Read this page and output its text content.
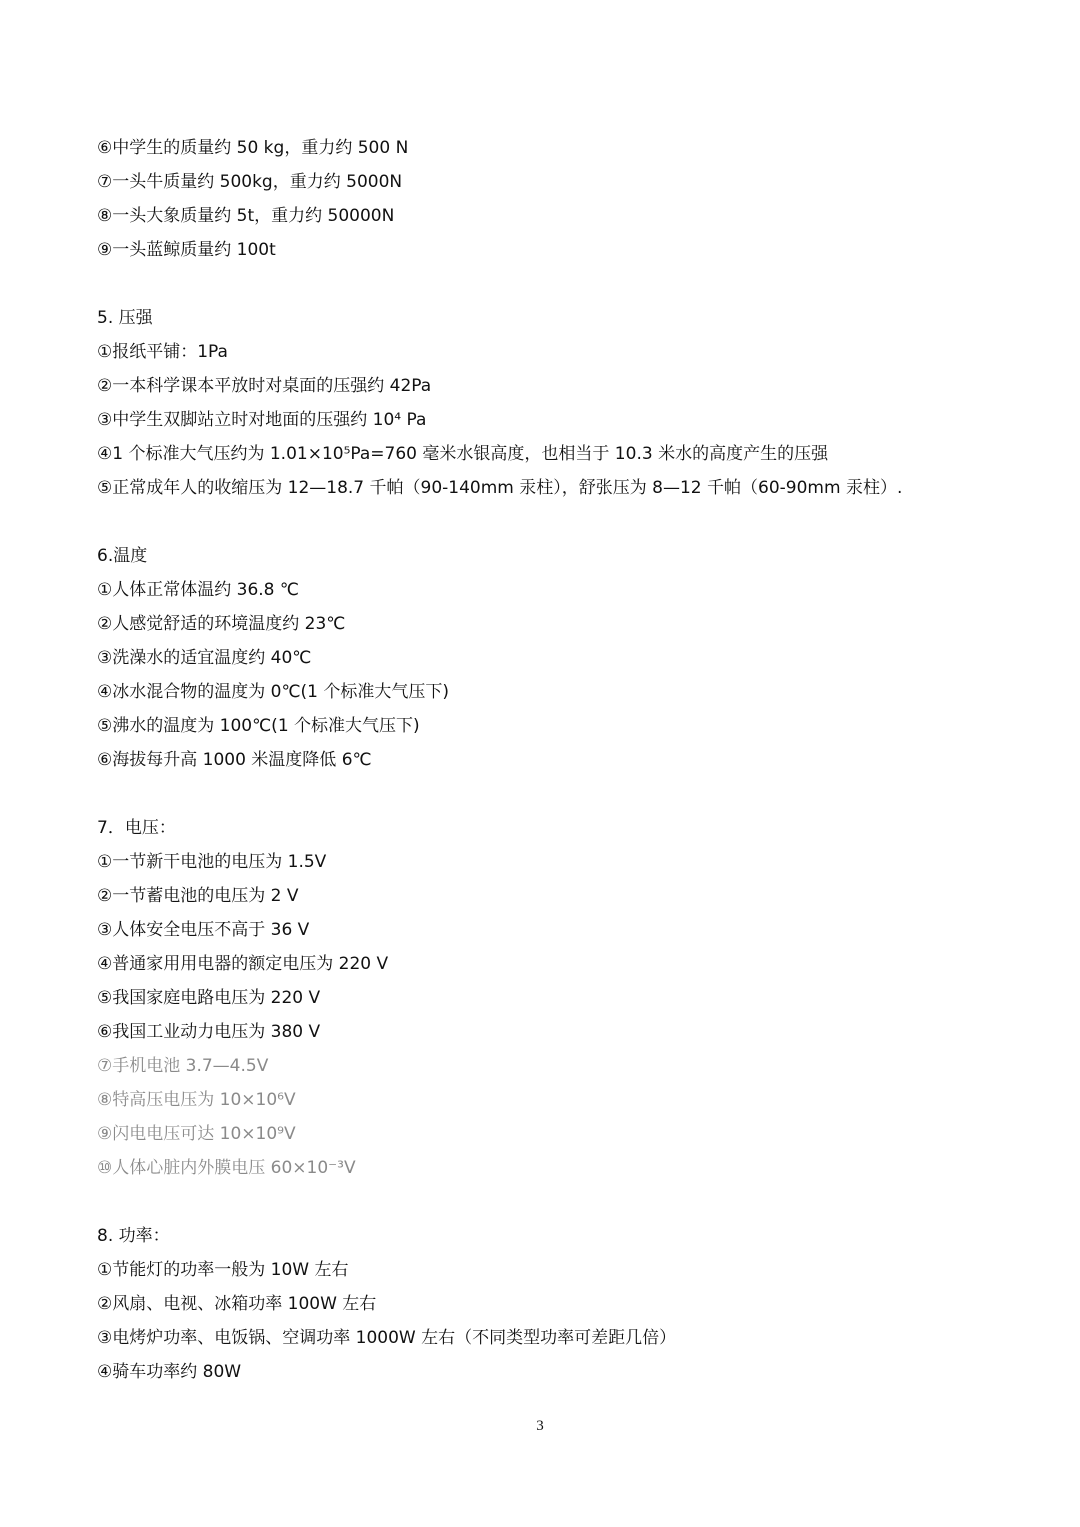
⑥中学生的质量约 50 kg，重力约 500 N
⑦一头牛质量约 500kg，重力约 5000N
⑧一头大象质量约 5t，重力约 50000N
⑨一头蓝鲸质量约 100t
5. 压强
①报纸平铺：1Pa
②一本科学课本平放时对桌面的压强约 42Pa
③中学生双脚站立时对地面的压强约 10⁴ Pa
④1 个标准大气压约为 1.01×10⁵Pa=760 毫米水银高度，也相当于 10.3 米水的高度产生的压强
⑤正常成年人的收缩压为 12—18.7 千帕（90-140mm 汞柱），舒张压为 8—12 千帕（60-90mm 汞柱）.
6.温度
①人体正常体温约 36.8 ℃
②人感觉舒适的环境温度约 23℃
③洗澡水的适宜温度约 40℃
④冰水混合物的温度为 0℃(1 个标准大气压下)
⑤沸水的温度为 100℃(1 个标准大气压下)
⑥海拔每升高 1000 米温度降低 6℃
7．电压：
①一节新干电池的电压为 1.5V
②一节蓄电池的电压为 2 V
③人体安全电压不高于 36 V
④普通家用用电器的额定电压为 220 V
⑤我国家庭电路电压为 220 V
⑥我国工业动力电压为 380 V
⑦手机电池 3.7—4.5V
⑧特高压电压为 10×10⁶V
⑨闪电电压可达 10×10⁹V
⑩人体心脏内外膜电压 60×10⁻³V
8. 功率：
①节能灯的功率一般为 10W 左右
②风扇、电视、冰箱功率 100W 左右
③电烤炉功率、电饭锅、空调功率 1000W 左右（不同类型功率可差距几倍）
④骑车功率约 80W
3
